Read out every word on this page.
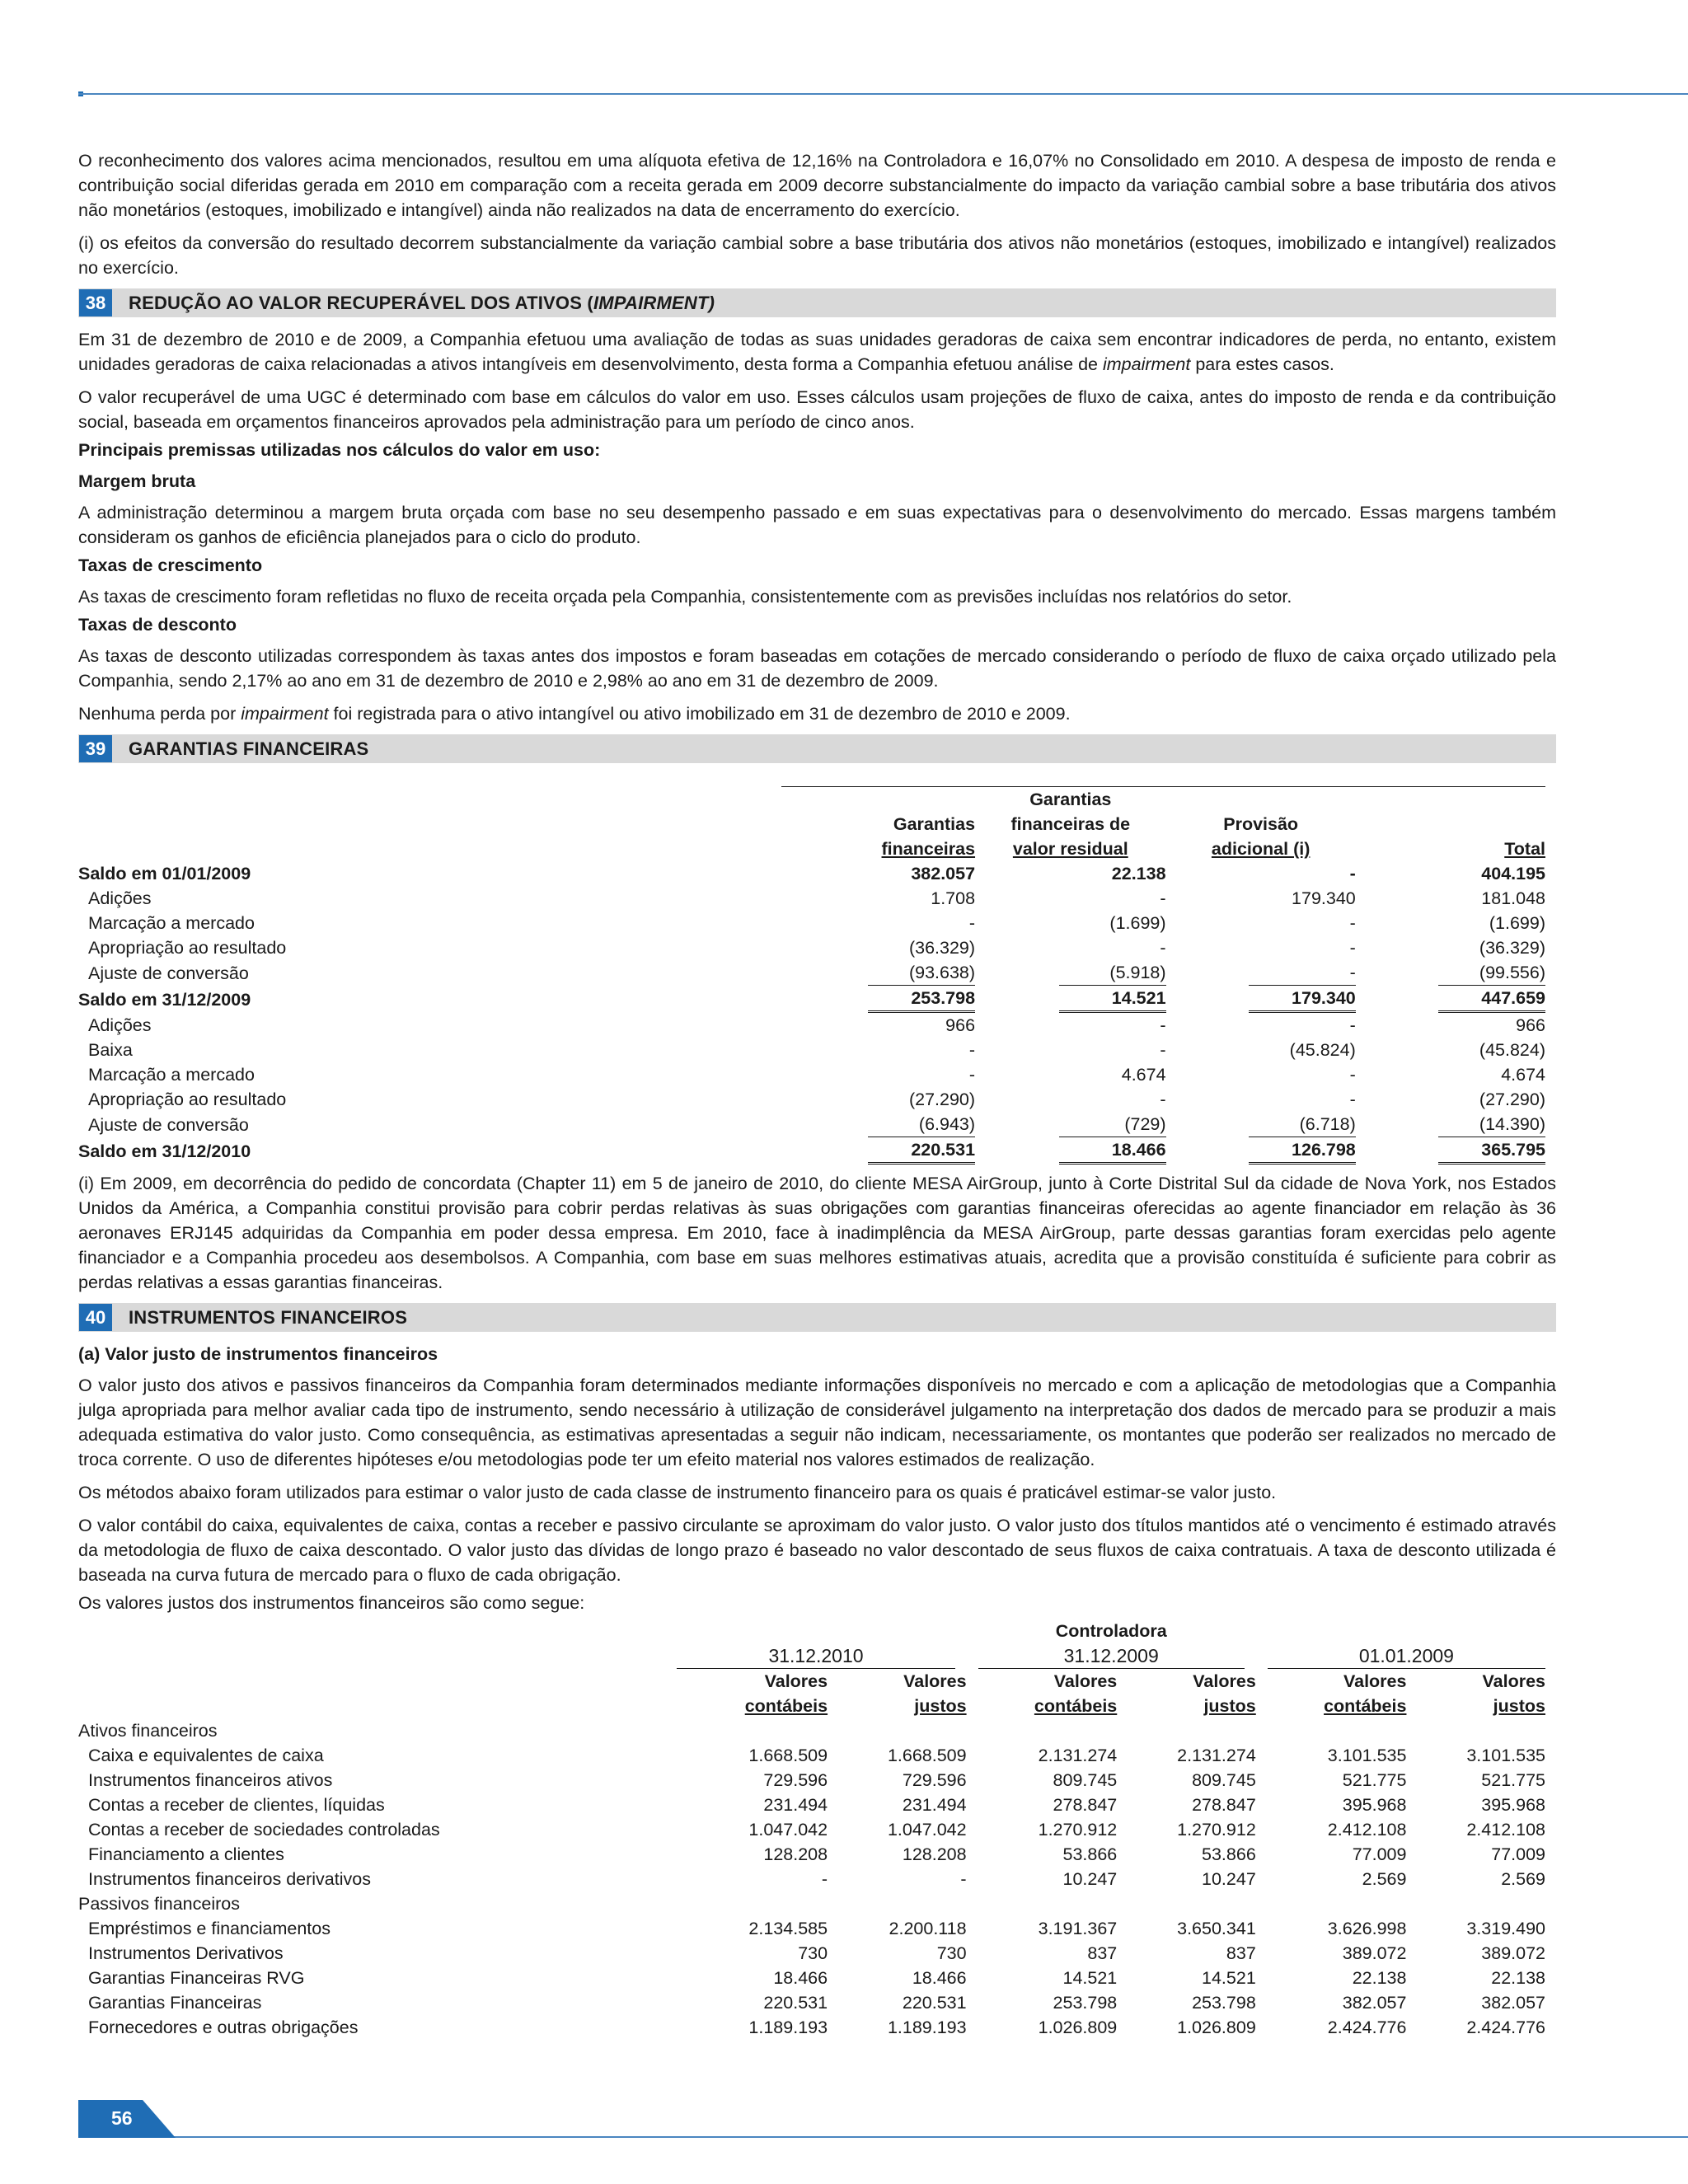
O reconhecimento dos valores acima mencionados, resultou em uma alíquota efetiva de 12,16% na Controladora e 16,07% no Consolidado em 2010. A despesa de imposto de renda e contribuição social diferidas gerada em 2010 em comparação com a receita gerada em 2009 decorre substancialmente do impacto da variação cambial sobre a base tributária dos ativos não monetários (estoques, imobilizado e intangível) ainda não realizados na data de encerramento do exercício.

(i) os efeitos da conversão do resultado decorrem substancialmente da variação cambial sobre a base tributária dos ativos não monetários (estoques, imobilizado e intangível) realizados no exercício.

38	REDUÇÃO AO VALOR RECUPERÁVEL DOS ATIVOS (IMPAIRMENT)

Em 31 de dezembro de 2010 e de 2009, a Companhia efetuou uma avaliação de todas as suas unidades geradoras de caixa sem encontrar indicadores de perda, no entanto, existem unidades geradoras de caixa relacionadas a ativos intangíveis em desenvolvimento, desta forma a Companhia efetuou análise de impairment para estes casos.

O valor recuperável de uma UGC é determinado com base em cálculos do valor em uso. Esses cálculos usam projeções de fluxo de caixa, antes do imposto de renda e da contribuição social, baseada em orçamentos financeiros aprovados pela administração para um período de cinco anos.

Principais premissas utilizadas nos cálculos do valor em uso:
Margem bruta

A administração determinou a margem bruta orçada com base no seu desempenho passado e em suas expectativas para o desenvolvimento do mercado. Essas margens também consideram os ganhos de eficiência planejados para o ciclo do produto.

Taxas de crescimento

As taxas de crescimento foram refletidas no fluxo de receita orçada pela Companhia, consistentemente com as previsões incluídas nos relatórios do setor.

Taxas de desconto

As taxas de desconto utilizadas correspondem às taxas antes dos impostos e foram baseadas em cotações de mercado considerando o período de fluxo de caixa orçado utilizado pela Companhia, sendo 2,17% ao ano em 31 de dezembro de 2010 e 2,98% ao ano em 31 de dezembro de 2009.

Nenhuma perda por impairment foi registrada para o ativo intangível ou ativo imobilizado em 31 de dezembro de 2010 e 2009.

39	GARANTIAS FINANCEIRAS

		Garantias		
	Garantias	financeiras de	Provisão	
	financeiras	valor residual	adicional (i)	Total
Saldo em 01/01/2009	382.057	22.138	-	404.195
Adições	1.708	-	179.340	181.048
Marcação a mercado	-	(1.699)	-	(1.699)
Apropriação ao resultado	(36.329)	-	-	(36.329)
Ajuste de conversão	(93.638)	(5.918)	-	(99.556)
Saldo em 31/12/2009	253.798	14.521	179.340	447.659
Adições	966	-	-	966
Baixa	-	-	(45.824)	(45.824)
Marcação a mercado	-	4.674	-	4.674
Apropriação ao resultado	(27.290)	-	-	(27.290)
Ajuste de conversão	(6.943)	(729)	(6.718)	(14.390)
Saldo em 31/12/2010	220.531	18.466	126.798	365.795

(i) Em 2009, em decorrência do pedido de concordata (Chapter 11) em 5 de janeiro de 2010, do cliente MESA AirGroup, junto à Corte Distrital Sul da cidade de Nova York, nos Estados Unidos da América, a Companhia constitui provisão para cobrir perdas relativas às suas obrigações com garantias financeiras oferecidas ao agente financiador em relação às 36 aeronaves ERJ145 adquiridas da Companhia em poder dessa empresa. Em 2010, face à inadimplência da MESA AirGroup, parte dessas garantias foram exercidas pelo agente financiador e a Companhia procedeu aos desembolsos. A Companhia, com base em suas melhores estimativas atuais, acredita que a provisão constituída é suficiente para cobrir as perdas relativas a essas garantias financeiras.

40	INSTRUMENTOS FINANCEIROS
(a) Valor justo de instrumentos financeiros

O valor justo dos ativos e passivos financeiros da Companhia foram determinados mediante informações disponíveis no mercado e com a aplicação de metodologias que a Companhia julga apropriada para melhor avaliar cada tipo de instrumento, sendo necessário à utilização de considerável julgamento na interpretação dos dados de mercado para se produzir a mais adequada estimativa do valor justo. Como consequência, as estimativas apresentadas a seguir não indicam, necessariamente, os montantes que poderão ser realizados no mercado de troca corrente. O uso de diferentes hipóteses e/ou metodologias pode ter um efeito material nos valores estimados de realização.

Os métodos abaixo foram utilizados para estimar o valor justo de cada classe de instrumento financeiro para os quais é praticável estimar-se valor justo.

O valor contábil do caixa, equivalentes de caixa, contas a receber e passivo circulante se aproximam do valor justo. O valor justo dos títulos mantidos até o vencimento é estimado através da metodologia de fluxo de caixa descontado. O valor justo das dívidas de longo prazo é baseado no valor descontado de seus fluxos de caixa contratuais. A taxa de desconto utilizada é baseada na curva futura de mercado para o fluxo de cada obrigação.

Os valores justos dos instrumentos financeiros são como segue:

	Controladora					

	31.12.2010		31.12.2009		01.01.2009	

	Valores	Valores	Valores	Valores	Valores	Valores
	contábeis	justos	contábeis	justos	contábeis	justos
Ativos financeiros						
Caixa e equivalentes de caixa	1.668.509	1.668.509	2.131.274	2.131.274	3.101.535	3.101.535
Instrumentos financeiros ativos	729.596	729.596	809.745	809.745	521.775	521.775
Contas a receber de clientes, líquidas	231.494	231.494	278.847	278.847	395.968	395.968
Contas a receber de sociedades controladas	1.047.042	1.047.042	1.270.912	1.270.912	2.412.108	2.412.108
Financiamento a clientes	128.208	128.208	53.866	53.866	77.009	77.009
Instrumentos financeiros derivativos	-	-	10.247	10.247	2.569	2.569
Passivos financeiros						
Empréstimos e financiamentos	2.134.585	2.200.118	3.191.367	3.650.341	3.626.998	3.319.490
Instrumentos Derivativos	730	730	837	837	389.072	389.072
Garantias Financeiras RVG	18.466	18.466	14.521	14.521	22.138	22.138
Garantias Financeiras	220.531	220.531	253.798	253.798	382.057	382.057
Fornecedores e outras obrigações	1.189.193	1.189.193	1.026.809	1.026.809	2.424.776	2.424.776
56
